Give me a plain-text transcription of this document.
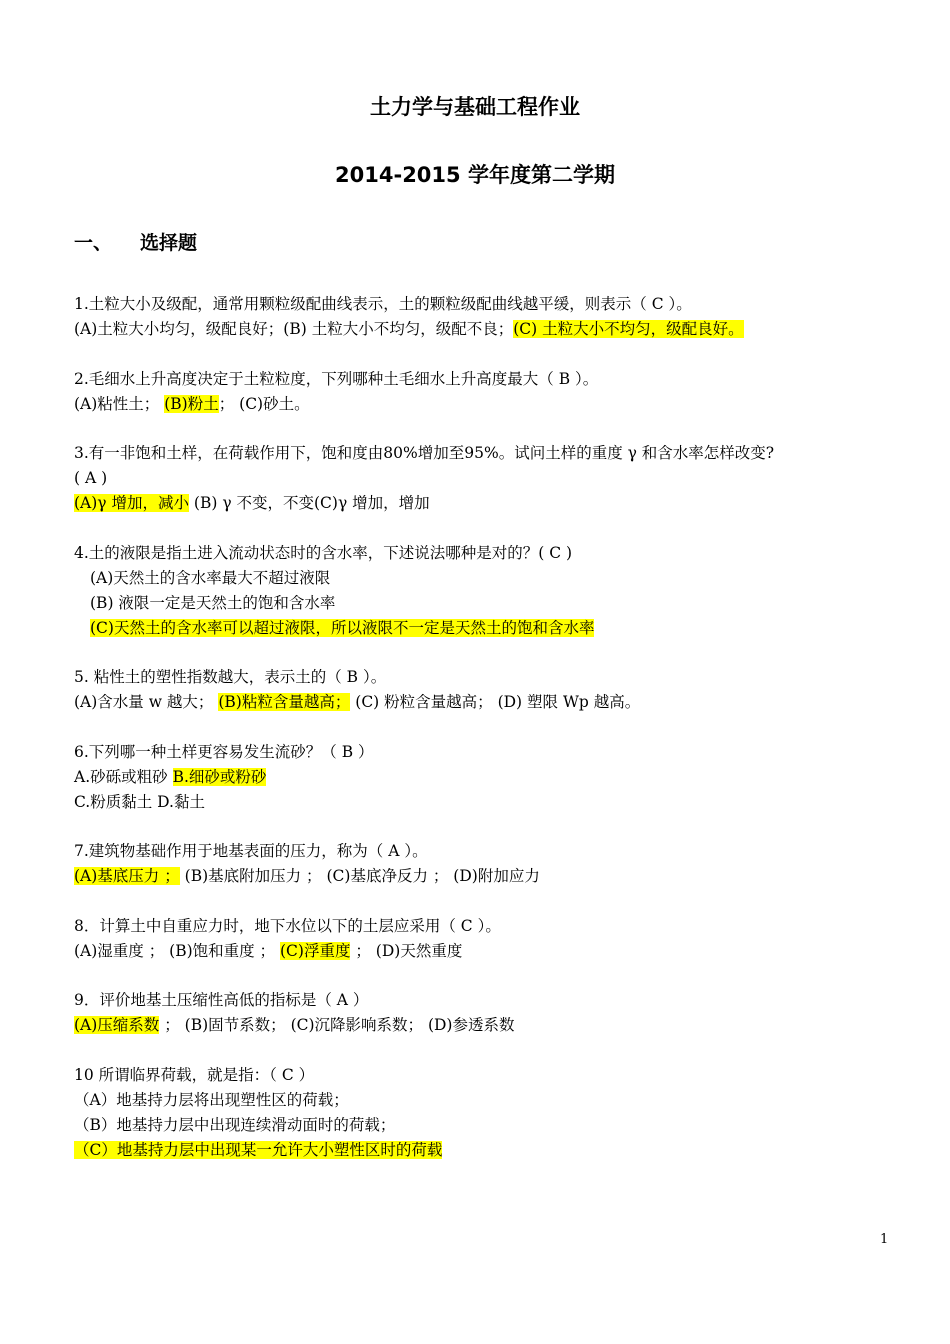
土力学与基础工程作业
2014-2015 学年度第二学期
一、 选择题
1.土粒大小及级配，通常用颗粒级配曲线表示，土的颗粒级配曲线越平缓，则表示（ C ）。
(A)土粒大小均匀，级配良好；(B) 土粒大小不均匀，级配不良；(C) 土粒大小不均匀，级配良好。
2.毛细水上升高度决定于土粒粒度，下列哪种土毛细水上升高度最大（ B ）。
(A)粘性土； (B)粉土； (C)砂土。
3.有一非饱和土样，在荷载作用下，饱和度由80%增加至95%。试问土样的重度 γ 和含水率怎样改变?
( A )
(A)γ 增加，减小 (B) γ 不变，不变(C)γ 增加，增加
4.土的液限是指土进入流动状态时的含水率，下述说法哪种是对的？( C )
(A)天然土的含水率最大不超过液限
(B) 液限一定是天然土的饱和含水率
(C)天然土的含水率可以超过液限，所以液限不一定是天然土的饱和含水率
5. 粘性土的塑性指数越大，表示土的（ B ）。
(A)含水量 w 越大； (B)粘粒含量越高； (C) 粉粒含量越高； (D) 塑限 Wp 越高。
6.下列哪一种土样更容易发生流砂？（ B ）
A.砂砾或粗砂 B.细砂或粉砂
C.粉质黏土 D.黏土
7.建筑物基础作用于地基表面的压力，称为（ A ）。
(A)基底压力 ； (B)基底附加压力 ； (C)基底净反力 ； (D)附加应力
8．计算土中自重应力时，地下水位以下的土层应采用（ C ）。
(A)湿重度 ； (B)饱和重度 ； (C)浮重度 ； (D)天然重度
9．评价地基土压缩性高低的指标是（ A ）
(A)压缩系数 ； (B)固节系数； (C)沉降影响系数； (D)参透系数
10 所谓临界荷载，就是指：（ C ）
（A）地基持力层将出现塑性区的荷载；
（B）地基持力层中出现连续滑动面时的荷载；
（C）地基持力层中出现某一允许大小塑性区时的荷载
1
